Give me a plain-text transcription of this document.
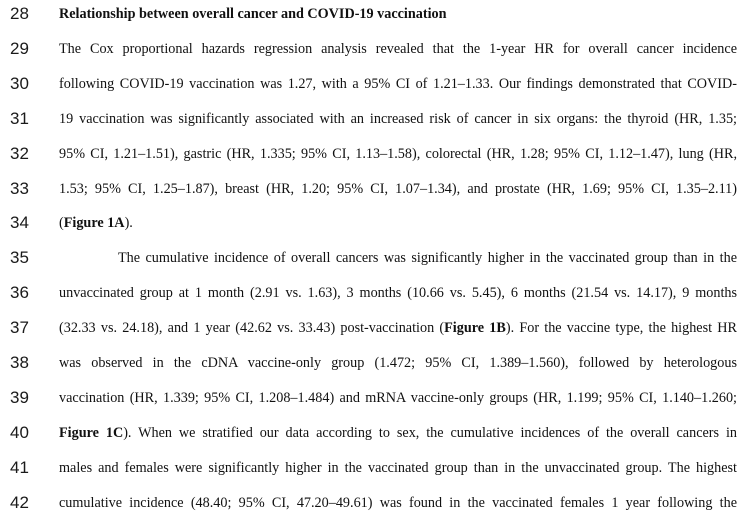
28	Relationship between overall cancer and COVID-19 vaccination
29	The Cox proportional hazards regression analysis revealed that the 1-year HR for overall cancer incidence
30	following COVID-19 vaccination was 1.27, with a 95% CI of 1.21–1.33. Our findings demonstrated that COVID-
31	19 vaccination was significantly associated with an increased risk of cancer in six organs: the thyroid (HR, 1.35;
32	95% CI, 1.21–1.51), gastric (HR, 1.335; 95% CI, 1.13–1.58), colorectal (HR, 1.28; 95% CI, 1.12–1.47), lung (HR,
33	1.53; 95% CI, 1.25–1.87), breast (HR, 1.20; 95% CI, 1.07–1.34), and prostate (HR, 1.69; 95% CI, 1.35–2.11)
34	(Figure 1A).
35	The cumulative incidence of overall cancers was significantly higher in the vaccinated group than in the
36	unvaccinated group at 1 month (2.91 vs. 1.63), 3 months (10.66 vs. 5.45), 6 months (21.54 vs. 14.17), 9 months
37	(32.33 vs. 24.18), and 1 year (42.62 vs. 33.43) post-vaccination (Figure 1B). For the vaccine type, the highest HR
38	was observed in the cDNA vaccine-only group (1.472; 95% CI, 1.389–1.560), followed by heterologous
39	vaccination (HR, 1.339; 95% CI, 1.208–1.484) and mRNA vaccine-only groups (HR, 1.199; 95% CI, 1.140–1.260;
40	Figure 1C). When we stratified our data according to sex, the cumulative incidences of the overall cancers in
41	males and females were significantly higher in the vaccinated group than in the unvaccinated group. The highest
42	cumulative incidence (48.40; 95% CI, 47.20–49.61) was found in the vaccinated females 1 year following the
